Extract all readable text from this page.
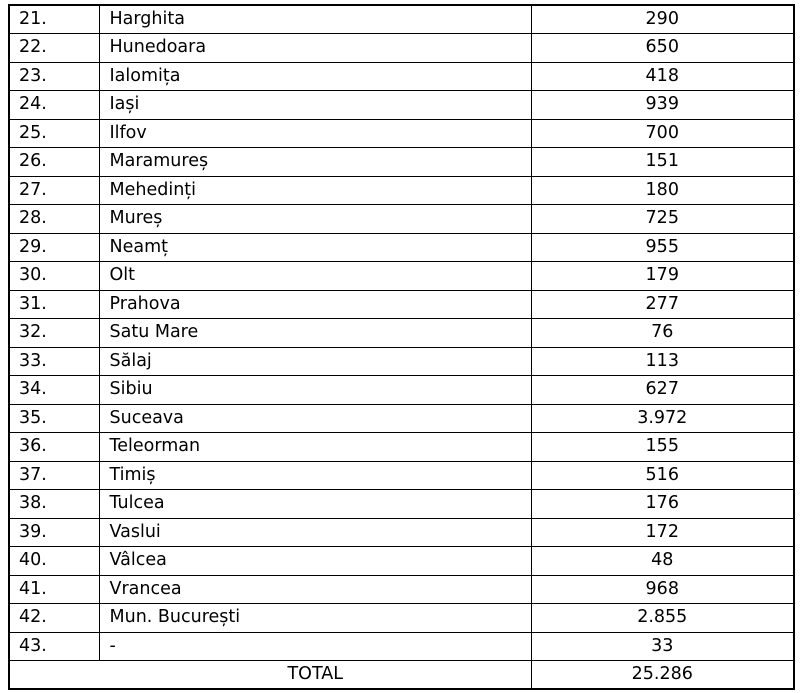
21.	Harghita	290
22.	Hunedoara	650
23.	Ialomița	418
24.	Iași	939
25.	Ilfov	700
26.	Maramureș	151
27.	Mehedinți	180
28.	Mureș	725
29.	Neamț	955
30.	Olt	179
31.	Prahova	277
32.	Satu Mare	76
33.	Sălaj	113
34.	Sibiu	627
35.	Suceava	3.972
36.	Teleorman	155
37.	Timiș	516
38.	Tulcea	176
39.	Vaslui	172
40.	Vâlcea	48
41.	Vrancea	968
42.	Mun. București	2.855
43.	-	33
TOTAL		25.286
